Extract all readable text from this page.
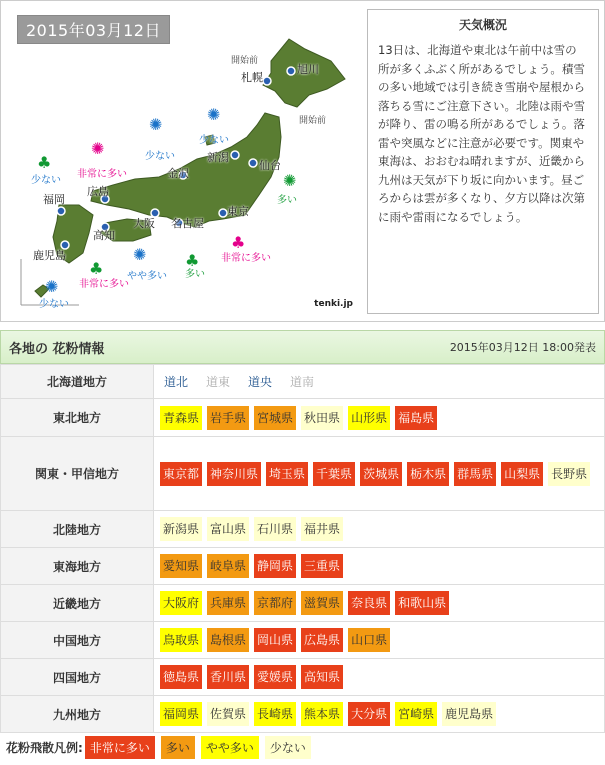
2015年03月12日
旭川
札幌
新潟
仙台
金沢
広島
福岡
高知
大阪 名古屋
東京
鹿児島
開始前
開始前
♣
少ない
✺
非常に多い
✺
少ない
✺
少ない
✺
多い
♣
非常に多い
✺
やや多い
♣
多い
♣
非常に多い
✺
少ない	tenki.jp
天気概況
13日は、北海道や東北は午前中は雪の所が多くふぶく所があるでしょう。積雪の多い地域では引き続き雪崩や屋根から落ちる雪にご注意下さい。北陸は雨や雪が降り、雷の鳴る所があるでしょう。落雷や突風などに注意が必要です。関東や東海は、おおむね晴れますが、近畿から九州は天気が下り坂に向かいます。昼ごろからは雲が多くなり、夕方以降は次第に雨や雷雨になるでしょう。
各地の 花粉情報	2015年03月12日 18:00発表
北海道地方	道北 道東 道央 道南
東北地方	青森県 岩手県 宮城県 秋田県 山形県 福島県
関東・甲信地方	東京都 神奈川県 埼玉県 千葉県 茨城県 栃木県 群馬県 山梨県 長野県
北陸地方	新潟県 富山県 石川県 福井県
東海地方	愛知県 岐阜県 静岡県 三重県
近畿地方	大阪府 兵庫県 京都府 滋賀県 奈良県 和歌山県
中国地方	鳥取県 島根県 岡山県 広島県 山口県
四国地方	徳島県 香川県 愛媛県 高知県
九州地方	福岡県 佐賀県 長崎県 熊本県 大分県 宮崎県 鹿児島県
花粉飛散凡例: 非常に多い 多い やや多い 少ない
